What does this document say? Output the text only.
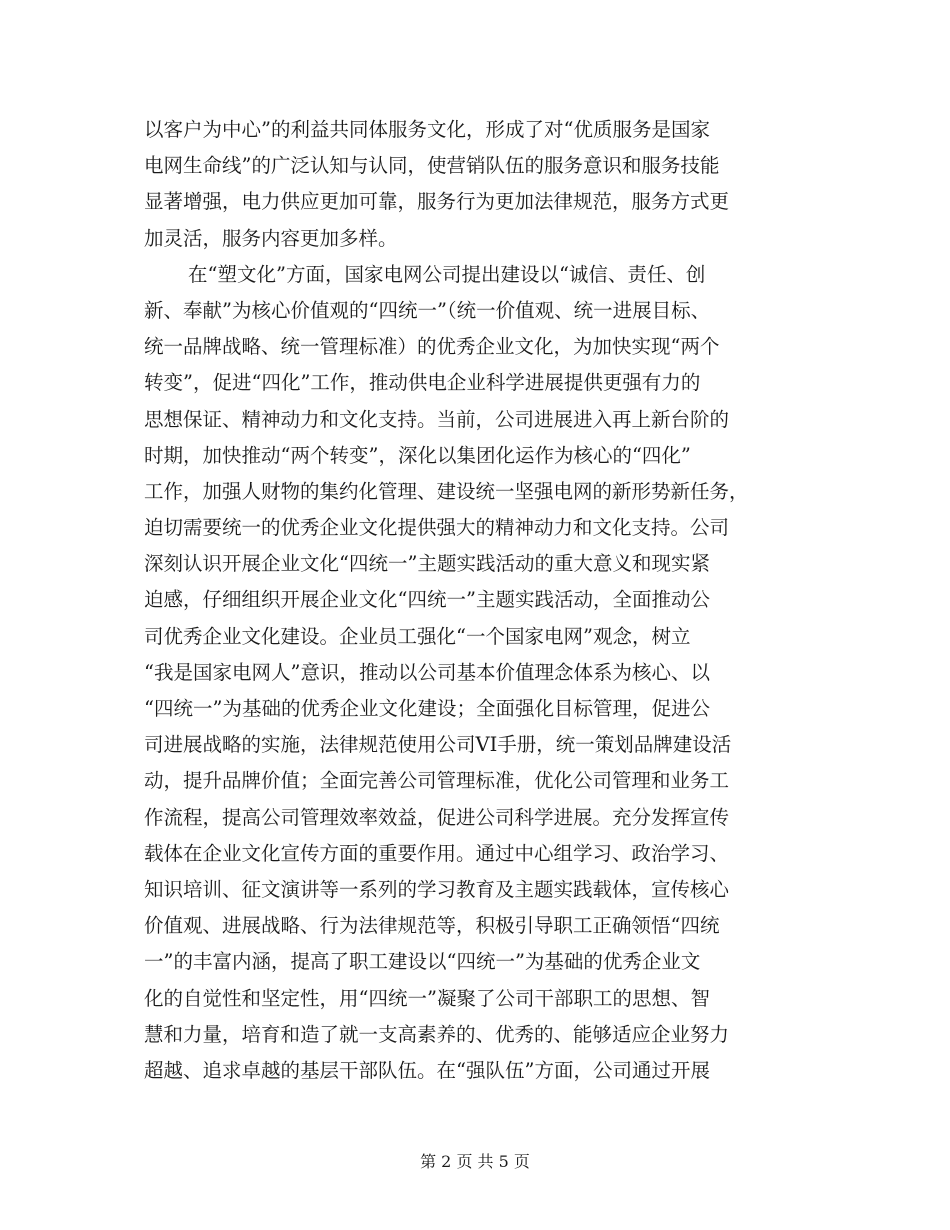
以客户为中心”的利益共同体服务文化，形成了对“优质服务是国家
电网生命线”的广泛认知与认同，使营销队伍的服务意识和服务技能
显著增强，电力供应更加可靠，服务行为更加法律规范，服务方式更
加灵活，服务内容更加多样。
在“塑文化”方面，国家电网公司提出建设以“诚信、责任、创
新、奉献”为核心价值观的“四统一”（统一价值观、统一进展目标、
统一品牌战略、统一管理标准）的优秀企业文化，为加快实现“两个
转变”，促进“四化”工作，推动供电企业科学进展提供更强有力的
思想保证、精神动力和文化支持。当前，公司进展进入再上新台阶的
时期，加快推动“两个转变”，深化以集团化运作为核心的“四化”
工作，加强人财物的集约化管理、建设统一坚强电网的新形势新任务，
迫切需要统一的优秀企业文化提供强大的精神动力和文化支持。公司
深刻认识开展企业文化“四统一”主题实践活动的重大意义和现实紧
迫感，仔细组织开展企业文化“四统一”主题实践活动，全面推动公
司优秀企业文化建设。企业员工强化“一个国家电网”观念，树立
“我是国家电网人”意识，推动以公司基本价值理念体系为核心、以
“四统一”为基础的优秀企业文化建设；全面强化目标管理，促进公
司进展战略的实施，法律规范使用公司VI手册，统一策划品牌建设活
动，提升品牌价值；全面完善公司管理标准，优化公司管理和业务工
作流程，提高公司管理效率效益，促进公司科学进展。充分发挥宣传
载体在企业文化宣传方面的重要作用。通过中心组学习、政治学习、
知识培训、征文演讲等一系列的学习教育及主题实践载体，宣传核心
价值观、进展战略、行为法律规范等，积极引导职工正确领悟“四统
一”的丰富内涵，提高了职工建设以“四统一”为基础的优秀企业文
化的自觉性和坚定性，用“四统一”凝聚了公司干部职工的思想、智
慧和力量，培育和造了就一支高素养的、优秀的、能够适应企业努力
超越、追求卓越的基层干部队伍。在“强队伍”方面，公司通过开展
第 2 页 共 5 页
